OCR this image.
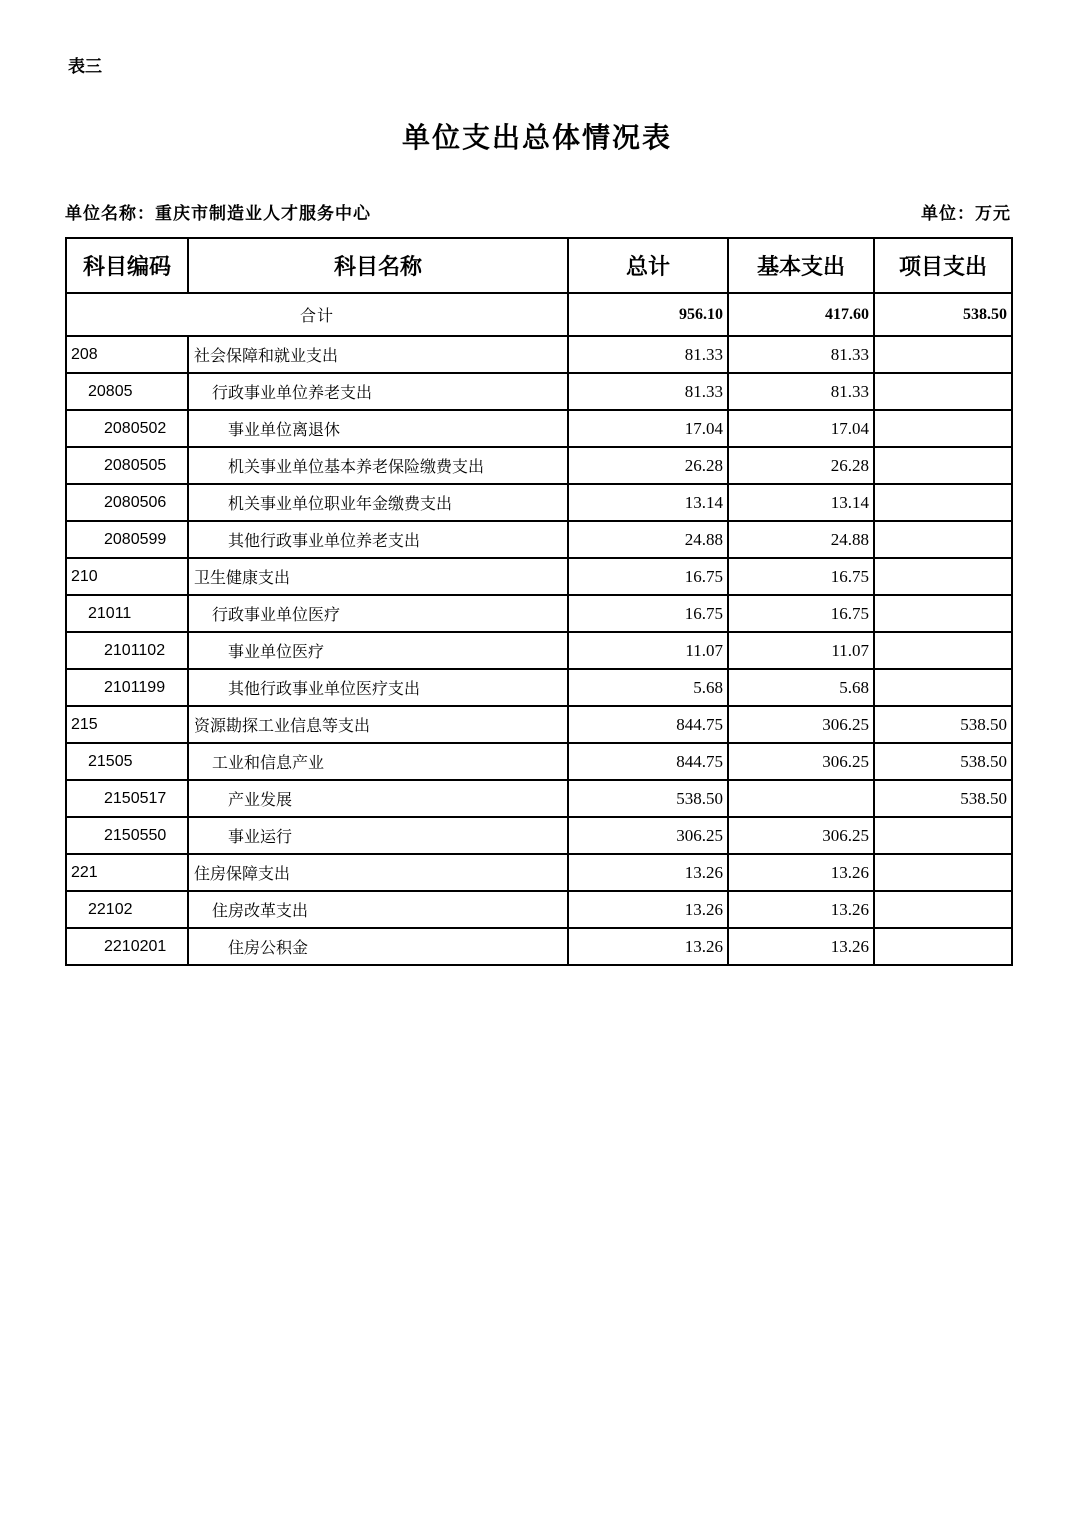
表三
单位支出总体情况表
单位名称：重庆市制造业人才服务中心	单位：万元
科目编码	科目名称	总计	基本支出	项目支出
合计		956.10	417.60	538.50
208	社会保障和就业支出	81.33	81.33	
20805	行政事业单位养老支出	81.33	81.33	
2080502	事业单位离退休	17.04	17.04	
2080505	机关事业单位基本养老保险缴费支出	26.28	26.28	
2080506	机关事业单位职业年金缴费支出	13.14	13.14	
2080599	其他行政事业单位养老支出	24.88	24.88	
210	卫生健康支出	16.75	16.75	
21011	行政事业单位医疗	16.75	16.75	
2101102	事业单位医疗	11.07	11.07	
2101199	其他行政事业单位医疗支出	5.68	5.68	
215	资源勘探工业信息等支出	844.75	306.25	538.50
21505	工业和信息产业	844.75	306.25	538.50
2150517	产业发展	538.50		538.50
2150550	事业运行	306.25	306.25	
221	住房保障支出	13.26	13.26	
22102	住房改革支出	13.26	13.26	
2210201	住房公积金	13.26	13.26	
